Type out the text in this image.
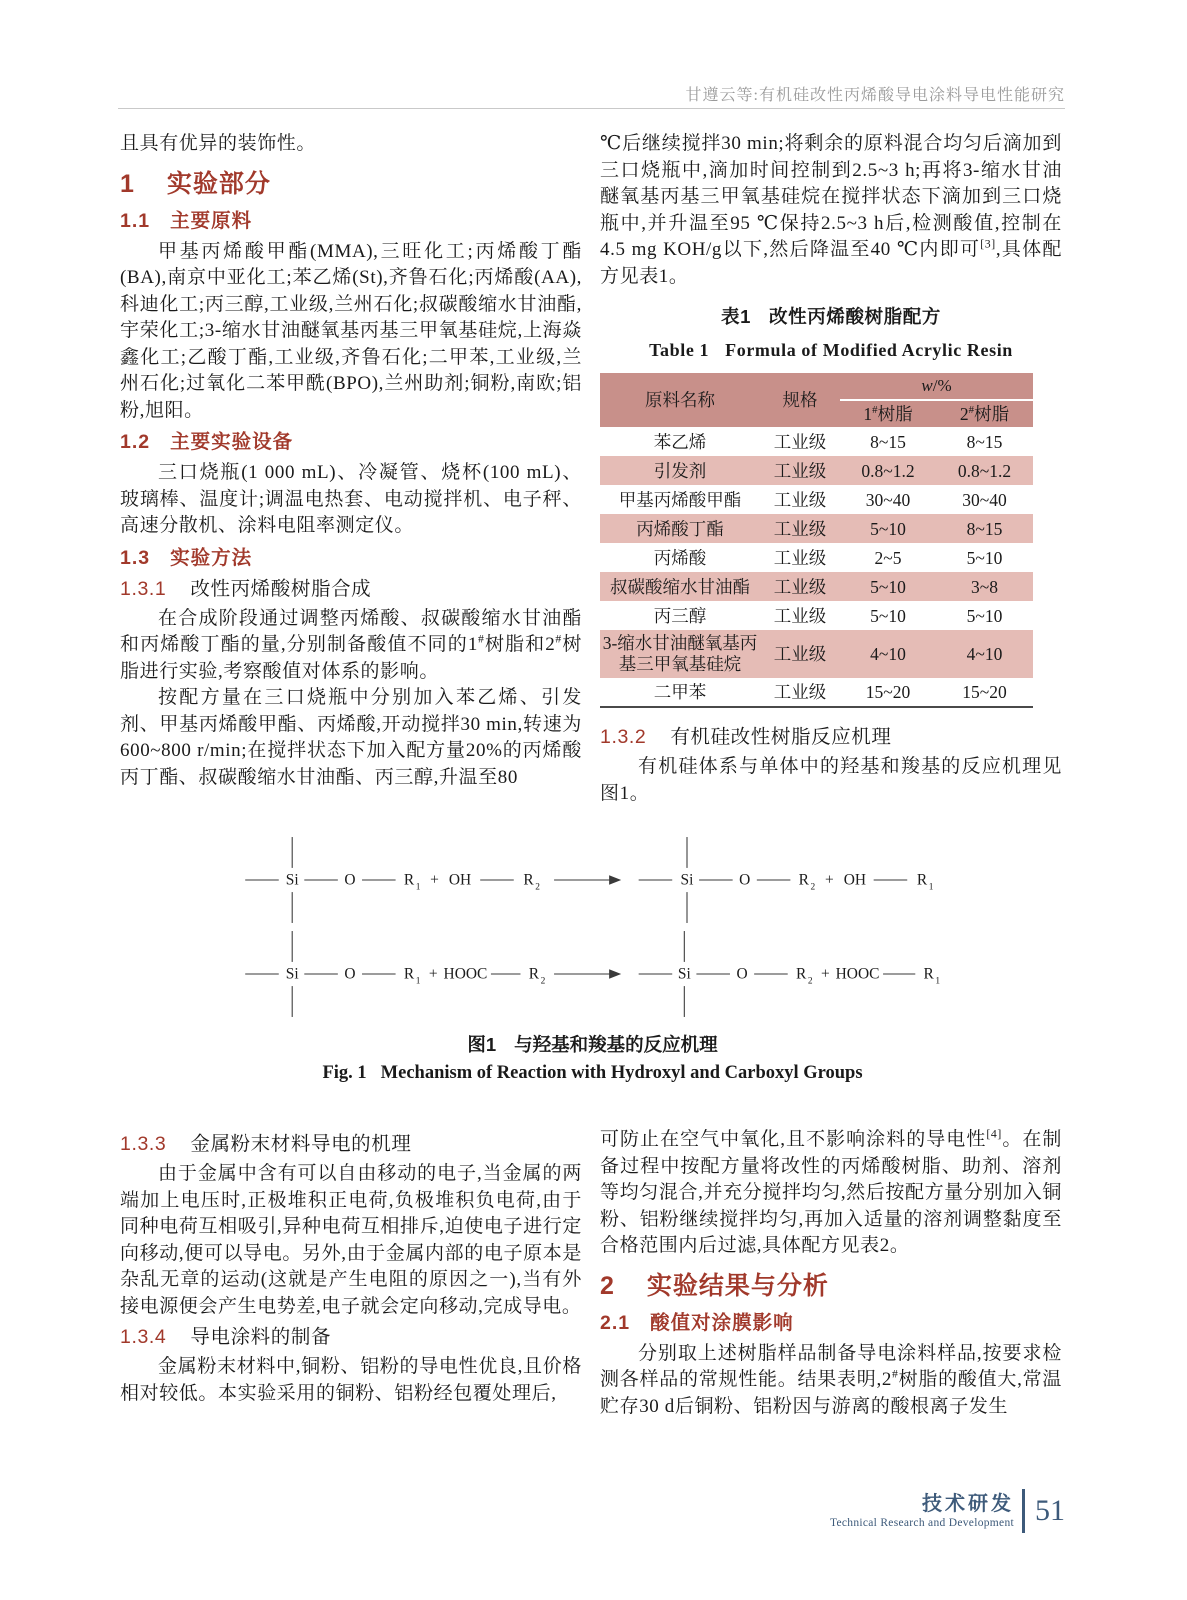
甘遵云等:有机硅改性丙烯酸导电涂料导电性能研究

且具有优异的装饰性。

1 实验部分
1.1 主要原料

甲基丙烯酸甲酯(MMA),三旺化工;丙烯酸丁酯(BA),南京中亚化工;苯乙烯(St),齐鲁石化;丙烯酸(AA),科迪化工;丙三醇,工业级,兰州石化;叔碳酸缩水甘油酯,宇荣化工;3-缩水甘油醚氧基丙基三甲氧基硅烷,上海焱鑫化工;乙酸丁酯,工业级,齐鲁石化;二甲苯,工业级,兰州石化;过氧化二苯甲酰(BPO),兰州助剂;铜粉,南欧;铝粉,旭阳。

1.2 主要实验设备

三口烧瓶(1 000 mL)、冷凝管、烧杯(100 mL)、玻璃棒、温度计;调温电热套、电动搅拌机、电子秤、高速分散机、涂料电阻率测定仪。

1.3 实验方法
1.3.1 改性丙烯酸树脂合成

在合成阶段通过调整丙烯酸、叔碳酸缩水甘油酯和丙烯酸丁酯的量,分别制备酸值不同的1#树脂和2#树脂进行实验,考察酸值对体系的影响。

按配方量在三口烧瓶中分别加入苯乙烯、引发剂、甲基丙烯酸甲酯、丙烯酸,开动搅拌30 min,转速为600~800 r/min;在搅拌状态下加入配方量20%的丙烯酸丙丁酯、叔碳酸缩水甘油酯、丙三醇,升温至80

℃后继续搅拌30 min;将剩余的原料混合均匀后滴加到三口烧瓶中,滴加时间控制到2.5~3 h;再将3-缩水甘油醚氧基丙基三甲氧基硅烷在搅拌状态下滴加到三口烧瓶中,并升温至95 ℃保持2.5~3 h后,检测酸值,控制在4.5 mg KOH/g以下,然后降温至40 ℃内即可[3],具体配方见表1。

表1 改性丙烯酸树脂配方
Table 1 Formula of Modified Acrylic Resin
原料名称	规格	w/%	
		1#树脂	2#树脂
苯乙烯	工业级	8~15	8~15
引发剂	工业级	0.8~1.2	0.8~1.2
甲基丙烯酸甲酯	工业级	30~40	30~40
丙烯酸丁酯	工业级	5~10	8~15
丙烯酸	工业级	2~5	5~10
叔碳酸缩水甘油酯	工业级	5~10	3~8
丙三醇	工业级	5~10	5~10
3-缩水甘油醚氧基丙基三甲氧基硅烷	工业级	4~10	4~10
二甲苯	工业级	15~20	15~20
1.3.2 有机硅改性树脂反应机理

有机硅体系与单体中的羟基和羧基的反应机理见图1。

Si O R + OH R	Si O R + OH R
1	2	2	1
Si O R + HOOC R	Si O R + HOOC R
1	2	2	1
图1 与羟基和羧基的反应机理
Fig. 1 Mechanism of Reaction with Hydroxyl and Carboxyl Groups
1.3.3 金属粉末材料导电的机理

由于金属中含有可以自由移动的电子,当金属的两端加上电压时,正极堆积正电荷,负极堆积负电荷,由于同种电荷互相吸引,异种电荷互相排斥,迫使电子进行定向移动,便可以导电。另外,由于金属内部的电子原本是杂乱无章的运动(这就是产生电阻的原因之一),当有外接电源便会产生电势差,电子就会定向移动,完成导电。

1.3.4 导电涂料的制备

金属粉末材料中,铜粉、铝粉的导电性优良,且价格相对较低。本实验采用的铜粉、铝粉经包覆处理后,

可防止在空气中氧化,且不影响涂料的导电性[4]。在制备过程中按配方量将改性的丙烯酸树脂、助剂、溶剂等均匀混合,并充分搅拌均匀,然后按配方量分别加入铜粉、铝粉继续搅拌均匀,再加入适量的溶剂调整黏度至合格范围内后过滤,具体配方见表2。

2 实验结果与分析
2.1 酸值对涂膜影响

分别取上述树脂样品制备导电涂料样品,按要求检测各样品的常规性能。结果表明,2#树脂的酸值大,常温贮存30 d后铜粉、铝粉因与游离的酸根离子发生

技术研发
Technical Research and Development 51
